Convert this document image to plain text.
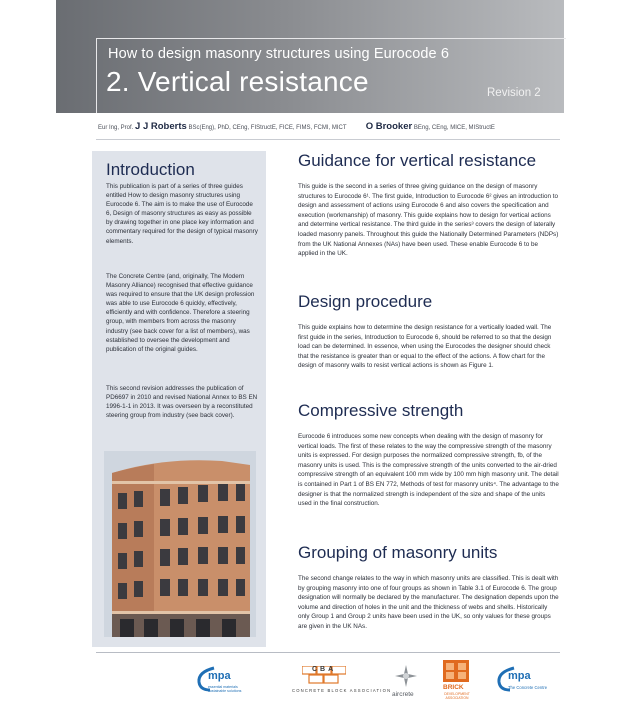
How to design masonry structures using Eurocode 6
2. Vertical resistance	Revision 2
Eur Ing, Prof. J J Roberts BSc(Eng), PhD, CEng, FIStructE, FICE, FIMS, FCMI, MICT O Brooker BEng, CEng, MICE, MIStructE
Introduction
This publication is part of a series of three guides entitled How to design masonry structures using Eurocode 6. The aim is to make the use of Eurocode 6, Design of masonry structures as easy as possible by drawing together in one place key information and commentary required for the design of typical masonry elements.
The Concrete Centre (and, originally, The Modern Masonry Alliance) recognised that effective guidance was required to ensure that the UK design profession was able to use Eurocode 6 quickly, effectively, efficiently and with confidence. Therefore a steering group, with members from across the masonry industry (see back cover for a list of members), was established to oversee the development and publication of the original guides.
This second revision addresses the publication of PD6697 in 2010 and revised National Annex to BS EN 1996-1-1 in 2013. It was overseen by a reconstituted steering group from industry (see back cover).
Guidance for vertical resistance
This guide is the second in a series of three giving guidance on the design of masonry structures to Eurocode 6¹. The first guide, Introduction to Eurocode 6² gives an introduction to design and assessment of actions using Eurocode 6 and also covers the specification and execution (workmanship) of masonry. This guide explains how to design for vertical actions and determine vertical resistance. The third guide in the series³ covers the design of laterally loaded masonry panels. Throughout this guide the Nationally Determined Parameters (NDPs) from the UK National Annexes (NAs) have been used. These enable Eurocode 6 to be applied in the UK.
Design procedure
This guide explains how to determine the design resistance for a vertically loaded wall. The first guide in the series, Introduction to Eurocode 6, should be referred to so that the design load can be determined. In essence, when using the Eurocodes the designer should check that the resistance is greater than or equal to the effect of the actions. A flow chart for the design of masonry walls to resist vertical actions is shown as Figure 1.
Compressive strength
Eurocode 6 introduces some new concepts when dealing with the design of masonry for vertical loads. The first of these relates to the way the compressive strength of the masonry units is expressed. For design purposes the normalized compressive strength, fb, of the masonry units is used. This is the compressive strength of the units converted to the air-dried compressive strength of an equivalent 100 mm wide by 100 mm high masonry unit. The detail is contained in Part 1 of BS EN 772, Methods of test for masonry units⁴. The advantage to the designer is that the normalized strength is independent of the size and shape of the units used in the final construction.
Grouping of masonry units
The second change relates to the way in which masonry units are classified. This is dealt with by grouping masonry into one of four groups as shown in Table 3.1 of Eurocode 6. The group designation will normally be declared by the manufacturer. The designation depends upon the volume and direction of holes in the unit and the thickness of webs and shells. Historically only Group 1 and Group 2 units have been used in the UK, so only values for these groups are given in the UK NAs.
mpa
essential materials sustainable solutions
CBA
CONCRETE BLOCK ASSOCIATION
aircrete
BRICK
DEVELOPMENT ASSOCIATION
mpa
The Concrete Centre
